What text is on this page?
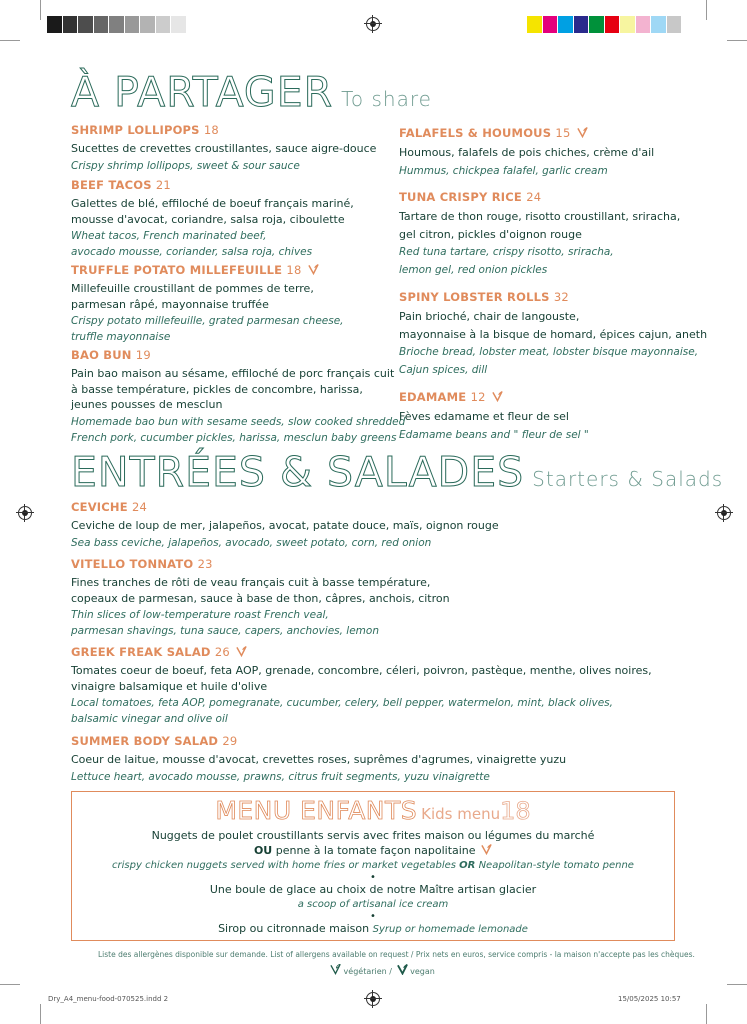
À PARTAGER To share
ENTRÉES & SALADES Starters & Salads
MENU ENFANTS Kids menu18
Nuggets de poulet croustillants servis avec frites maison ou légumes du marché
OU penne à la tomate façon napolitaine
crispy chicken nuggets served with home fries or market vegetables OR Neapolitan-style tomato penne
•
Une boule de glace au choix de notre Maître artisan glacier
a scoop of artisanal ice cream
•
Sirop ou citronnade maison Syrup or homemade lemonade
Liste des allergènes disponible sur demande. List of allergens available on request / Prix nets en euros, service compris - la maison n'accepte pas les chèques.
végétarien / vegan
Dry_A4_menu-food-070525.indd 2	15/05/2025 10:57
SHRIMP LOLLIPOPS 18
Sucettes de crevettes croustillantes, sauce aigre-douce
Crispy shrimp lollipops, sweet & sour sauce
BEEF TACOS 21
Galettes de blé, effiloché de boeuf français mariné,
mousse d'avocat, coriandre, salsa roja, ciboulette
Wheat tacos, French marinated beef,
avocado mousse, coriander, salsa roja, chives
TRUFFLE POTATO MILLEFEUILLE 18
Millefeuille croustillant de pommes de terre,
parmesan râpé, mayonnaise truffée
Crispy potato millefeuille, grated parmesan cheese,
truffle mayonnaise
BAO BUN 19
Pain bao maison au sésame, effiloché de porc français cuit
à basse température, pickles de concombre, harissa,
jeunes pousses de mesclun
Homemade bao bun with sesame seeds, slow cooked shredded
French pork, cucumber pickles, harissa, mesclun baby greens
FALAFELS & HOUMOUS 15
Houmous, falafels de pois chiches, crème d'ail
Hummus, chickpea falafel, garlic cream
TUNA CRISPY RICE 24
Tartare de thon rouge, risotto croustillant, sriracha,
gel citron, pickles d'oignon rouge
Red tuna tartare, crispy risotto, sriracha,
lemon gel, red onion pickles
SPINY LOBSTER ROLLS 32
Pain brioché, chair de langouste,
mayonnaise à la bisque de homard, épices cajun, aneth
Brioche bread, lobster meat, lobster bisque mayonnaise,
Cajun spices, dill
EDAMAME 12
Fèves edamame et fleur de sel
Edamame beans and " fleur de sel "
CEVICHE 24
Ceviche de loup de mer, jalapeños, avocat, patate douce, maïs, oignon rouge
Sea bass ceviche, jalapeños, avocado, sweet potato, corn, red onion
VITELLO TONNATO 23
Fines tranches de rôti de veau français cuit à basse température,
copeaux de parmesan, sauce à base de thon, câpres, anchois, citron
Thin slices of low-temperature roast French veal,
parmesan shavings, tuna sauce, capers, anchovies, lemon
GREEK FREAK SALAD 26
Tomates coeur de boeuf, feta AOP, grenade, concombre, céleri, poivron, pastèque, menthe, olives noires,
vinaigre balsamique et huile d'olive
Local tomatoes, feta AOP, pomegranate, cucumber, celery, bell pepper, watermelon, mint, black olives,
balsamic vinegar and olive oil
SUMMER BODY SALAD 29
Coeur de laitue, mousse d'avocat, crevettes roses, suprêmes d'agrumes, vinaigrette yuzu
Lettuce heart, avocado mousse, prawns, citrus fruit segments, yuzu vinaigrette
